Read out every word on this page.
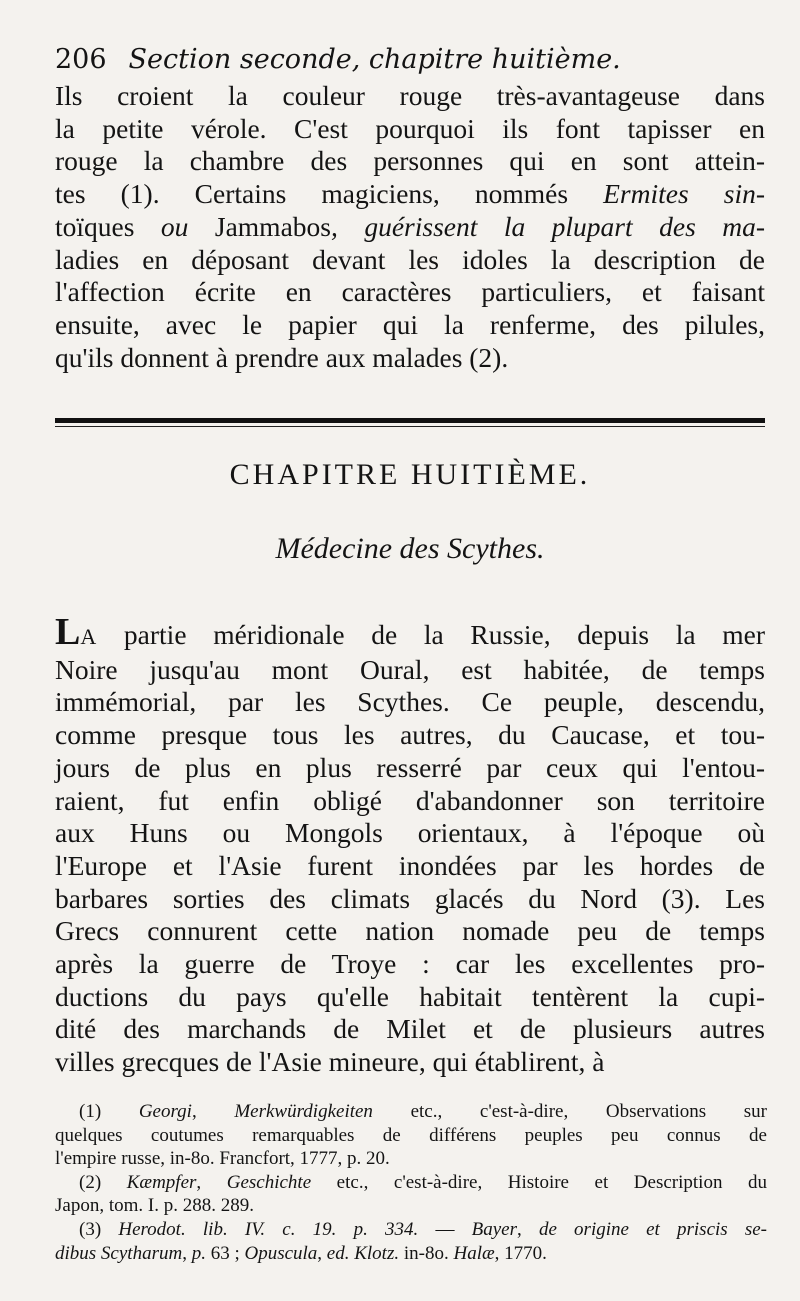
206 Section seconde, chapitre huitième.
Ils croient la couleur rouge très-avantageuse dans
la petite vérole. C'est pourquoi ils font tapisser en
rouge la chambre des personnes qui en sont attein-
tes (1). Certains magiciens, nommés Ermites sin-
toïques ou Jammabos, guérissent la plupart des ma-
ladies en déposant devant les idoles la description de
l'affection écrite en caractères particuliers, et faisant
ensuite, avec le papier qui la renferme, des pilules,
qu'ils donnent à prendre aux malades (2).
CHAPITRE HUITIÈME.
Médecine des Scythes.
LA partie méridionale de la Russie, depuis la mer
Noire jusqu'au mont Oural, est habitée, de temps
immémorial, par les Scythes. Ce peuple, descendu,
comme presque tous les autres, du Caucase, et tou-
jours de plus en plus resserré par ceux qui l'entou-
raient, fut enfin obligé d'abandonner son territoire
aux Huns ou Mongols orientaux, à l'époque où
l'Europe et l'Asie furent inondées par les hordes de
barbares sorties des climats glacés du Nord (3). Les
Grecs connurent cette nation nomade peu de temps
après la guerre de Troye : car les excellentes pro-
ductions du pays qu'elle habitait tentèrent la cupi-
dité des marchands de Milet et de plusieurs autres
villes grecques de l'Asie mineure, qui établirent, à
(1) Georgi, Merkwürdigkeiten etc., c'est-à-dire, Observations sur
quelques coutumes remarquables de différens peuples peu connus de
l'empire russe, in-8o. Francfort, 1777, p. 20.
(2) Kæmpfer, Geschichte etc., c'est-à-dire, Histoire et Description du
Japon, tom. I. p. 288. 289.
(3) Herodot. lib. IV. c. 19. p. 334. — Bayer, de origine et priscis se-
dibus Scytharum, p. 63 ; Opuscula, ed. Klotz. in-8o. Halæ, 1770.
